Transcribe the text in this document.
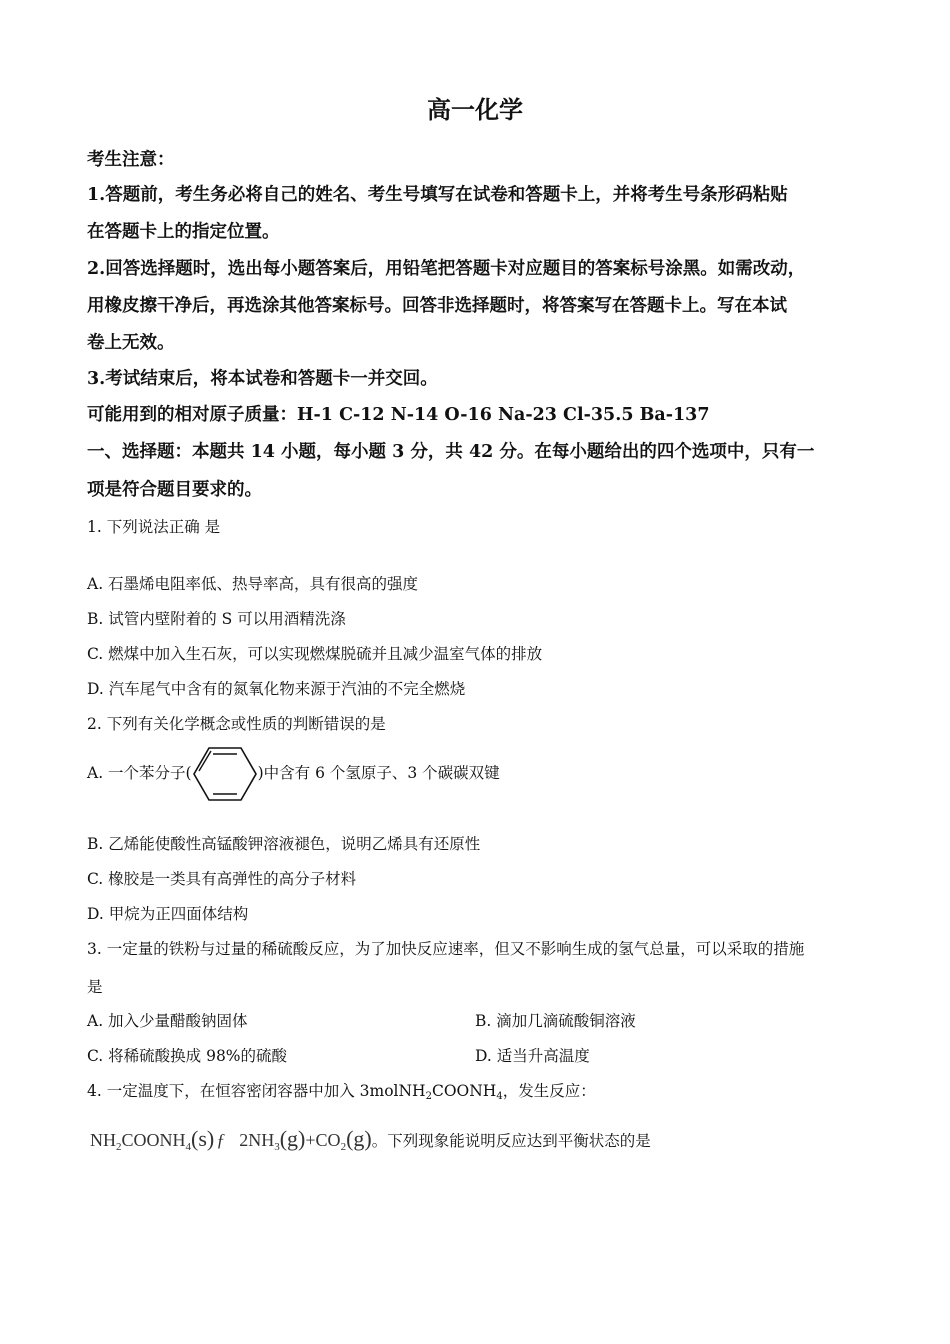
高一化学
考生注意：
1.答题前，考生务必将自己的姓名、考生号填写在试卷和答题卡上，并将考生号条形码粘贴
在答题卡上的指定位置。
2.回答选择题时，选出每小题答案后，用铅笔把答题卡对应题目的答案标号涂黑。如需改动，
用橡皮擦干净后，再选涂其他答案标号。回答非选择题时，将答案写在答题卡上。写在本试
卷上无效。
3.考试结束后，将本试卷和答题卡一并交回。
可能用到的相对原子质量：H-1 C-12 N-14 O-16 Na-23 Cl-35.5 Ba-137
一、选择题：本题共 14 小题，每小题 3 分，共 42 分。在每小题给出的四个选项中，只有一
项是符合题目要求的。
1. 下列说法正确 是
A. 石墨烯电阻率低、热导率高，具有很高的强度
B. 试管内壁附着的 S 可以用酒精洗涤
C. 燃煤中加入生石灰，可以实现燃煤脱硫并且减少温室气体的排放
D. 汽车尾气中含有的氮氧化物来源于汽油的不完全燃烧
2. 下列有关化学概念或性质的判断错误的是
A. 一个苯分子(	)中含有 6 个氢原子、3 个碳碳双键
B. 乙烯能使酸性高锰酸钾溶液褪色，说明乙烯具有还原性
C. 橡胶是一类具有高弹性的高分子材料
D. 甲烷为正四面体结构
3. 一定量的铁粉与过量的稀硫酸反应，为了加快反应速率，但又不影响生成的氢气总量，可以采取的措施
是
A. 加入少量醋酸钠固体	B. 滴加几滴硫酸铜溶液
C. 将稀硫酸换成 98%的硫酸	D. 适当升高温度
4. 一定温度下，在恒容密闭容器中加入 $3molNH_2COONH_4$，发生反应：
$NH_2COONH_4(s)$ ƒ $2NH_3(g)+CO_2(g)$。下列现象能说明反应达到平衡状态的是
